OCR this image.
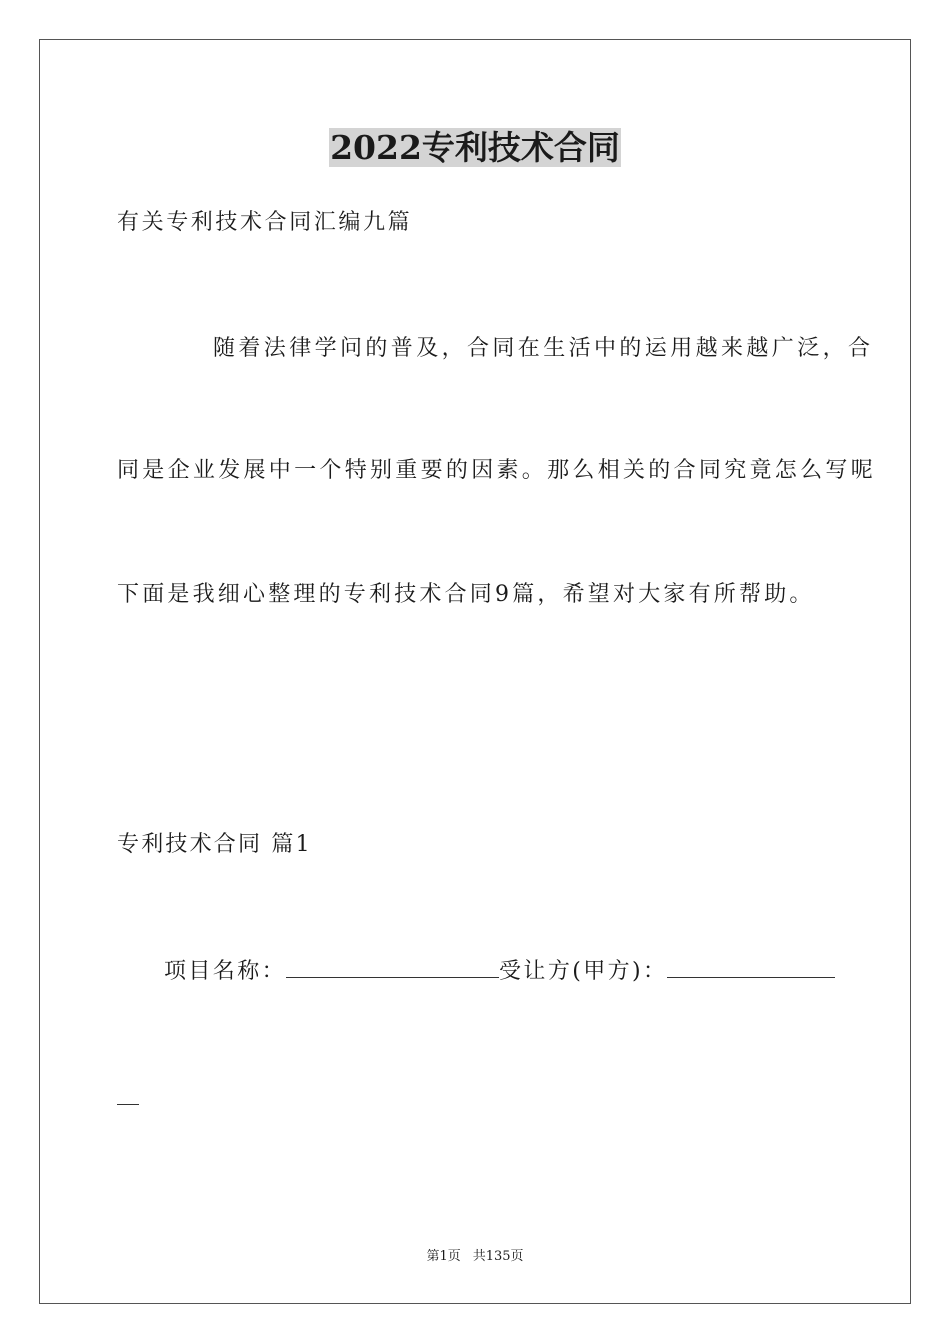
2022专利技术合同
有关专利技术合同汇编九篇
随着法律学问的普及，合同在生活中的运用越来越广泛，合
同是企业发展中一个特别重要的因素。那么相关的合同究竟怎么写呢
下面是我细心整理的专利技术合同9篇，希望对大家有所帮助。
专利技术合同 篇1
项目名称：	受让方(甲方)：
第1页 共135页
